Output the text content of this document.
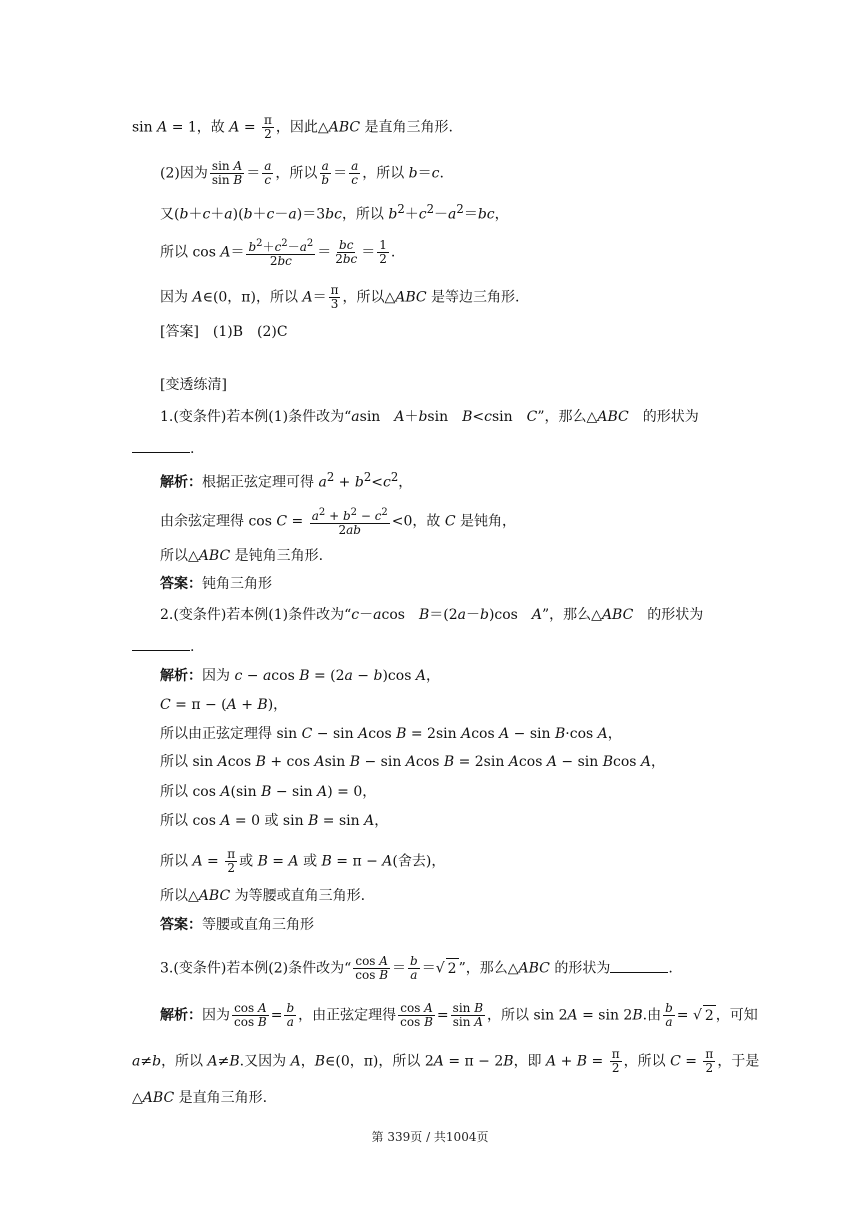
sin A = 1，故 $A = \frac{\pi}{2}$ ，因此△ABC 是直角三角形.
(2)因为 $\frac{\text{sin A}}{\text{sin B}} = \frac{a}{c}$ ，所以 $\frac{a}{b} = \frac{a}{c}$ ，所以 b＝c.
又(b＋c＋a)(b＋c－a)＝3bc，所以 $b^2+c^2-a^2=bc$，
所以 $\cos A= \frac{b^2+c^2-a^2}{2bc} = \frac{bc}{2bc} = \frac{1}{2}$ .
因为 A∈(0，π)，所以 $A= \frac{\pi}{3}$ ，所以△ABC 是等边三角形.
[答案]　(1)B　(2)C
[变透练清]
1.(变条件)若本例(1)条件改为“asin　A＋bsin　B<csin　C”，那么△ABC　的形状为
.
解析：根据正弦定理可得 $a^2 + b^2<c^2$，
由余弦定理得 $\cos C = \frac{a^2 + b^2 - c^2}{2ab} <0$，故 C 是钝角，
所以△ABC 是钝角三角形.
答案：钝角三角形
2.(变条件)若本例(1)条件改为“c－acos　B＝(2a－b)cos　A”，那么△ABC　的形状为
.
解析：因为 c − acos B = (2a − b)cos A，
C = π − (A + B)，
所以由正弦定理得 sin C − sin Acos B = 2sin Acos A − sin B·cos A，
所以 sin Acos B + cos Asin B − sin Acos B = 2sin Acos A − sin Bcos A，
所以 cos A(sin B − sin A) = 0，
所以 cos A = 0 或 sin B = sin A，
所以 $A = \frac{\pi}{2}$ 或 B = A 或 B = π − A(舍去)，
所以△ABC 为等腰或直角三角形.
答案：等腰或直角三角形
3.(变条件)若本例(2)条件改为“ $\frac{\text{cos A}}{\text{cos B}} = \frac{b}{a}$ ＝√ 2 ”，那么△ABC 的形状为	.
解析：因为 $\frac{\text{cos A}}{\text{cos B}} = \frac{b}{a}$ ，由正弦定理得 $\frac{\text{cos A}}{\text{cos B}} = \frac{\text{sin B}}{\text{sin A}}$ ，所以 sin 2A = sin 2B.由 $\frac{b}{a}$ = √ 2 ，可知
a≠b，所以 A≠B.又因为 A，B∈(0，π)，所以 2A = π − 2B，即 $A + B = \frac{\pi}{2}$ ，所以 $C = \frac{\pi}{2}$ ，于是
△ABC 是直角三角形.
第 339页 / 共1004页
